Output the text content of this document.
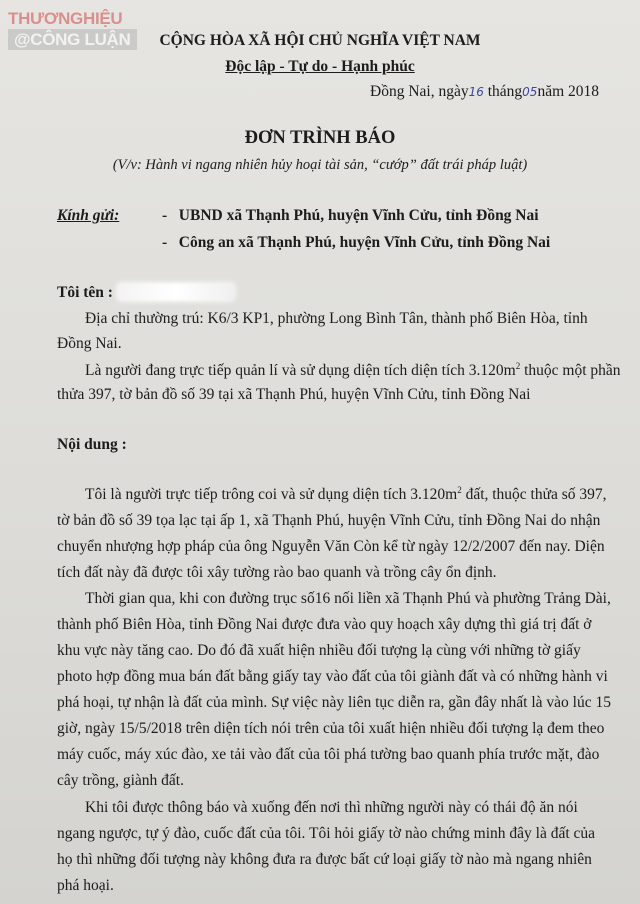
THƯƠNGHIỆU
@CÔNG LUẬN	CỘNG HÒA XÃ HỘI CHỦ NGHĨA VIỆT NAM
Độc lập - Tự do - Hạnh phúc
Đồng Nai, ngày16 tháng05năm 2018
ĐƠN TRÌNH BÁO
(V/v: Hành vi ngang nhiên hủy hoại tài sản, “cướp” đất trái pháp luật)
Kính gửi:	-   UBND xã Thạnh Phú, huyện Vĩnh Cửu, tỉnh Đồng Nai
-   Công an xã Thạnh Phú, huyện Vĩnh Cửu, tỉnh Đồng Nai
Tôi tên :
Địa chỉ thường trú: K6/3 KP1, phường Long Bình Tân, thành phố Biên Hòa, tỉnh
Đồng Nai.
Là người đang trực tiếp quản lí và sử dụng diện tích diện tích $3.120m^2$ thuộc một phần
thửa 397, tờ bản đồ số 39 tại xã Thạnh Phú, huyện Vĩnh Cửu, tỉnh Đồng Nai
Nội dung :
Tôi là người trực tiếp trông coi và sử dụng diện tích $3.120m^2$ đất, thuộc thửa số 397,
tờ bản đồ số 39 tọa lạc tại ấp 1, xã Thạnh Phú, huyện Vĩnh Cửu, tỉnh Đồng Nai do nhận
chuyển nhượng hợp pháp của ông Nguyễn Văn Còn kể từ ngày 12/2/2007 đến nay. Diện
tích đất này đã được tôi xây tường rào bao quanh và trồng cây ổn định.
Thời gian qua, khi con đường trục số16 nối liền xã Thạnh Phú và phường Trảng Dài,
thành phố Biên Hòa, tỉnh Đồng Nai được đưa vào quy hoạch xây dựng thì giá trị đất ở
khu vực này tăng cao. Do đó đã xuất hiện nhiều đối tượng lạ cùng với những tờ giấy
photo hợp đồng mua bán đất bằng giấy tay vào đất của tôi giành đất và có những hành vi
phá hoại, tự nhận là đất của mình. Sự việc này liên tục diễn ra, gần đây nhất là vào lúc 15
giờ, ngày 15/5/2018 trên diện tích nói trên của tôi xuất hiện nhiều đối tượng lạ đem theo
máy cuốc, máy xúc đào, xe tải vào đất của tôi phá tường bao quanh phía trước mặt, đào
cây trồng, giành đất.
Khi tôi được thông báo và xuống đến nơi thì những người này có thái độ ăn nói
ngang ngược, tự ý đào, cuốc đất của tôi. Tôi hỏi giấy tờ nào chứng minh đây là đất của
họ thì những đối tượng này không đưa ra được bất cứ loại giấy tờ nào mà ngang nhiên
phá hoại.
